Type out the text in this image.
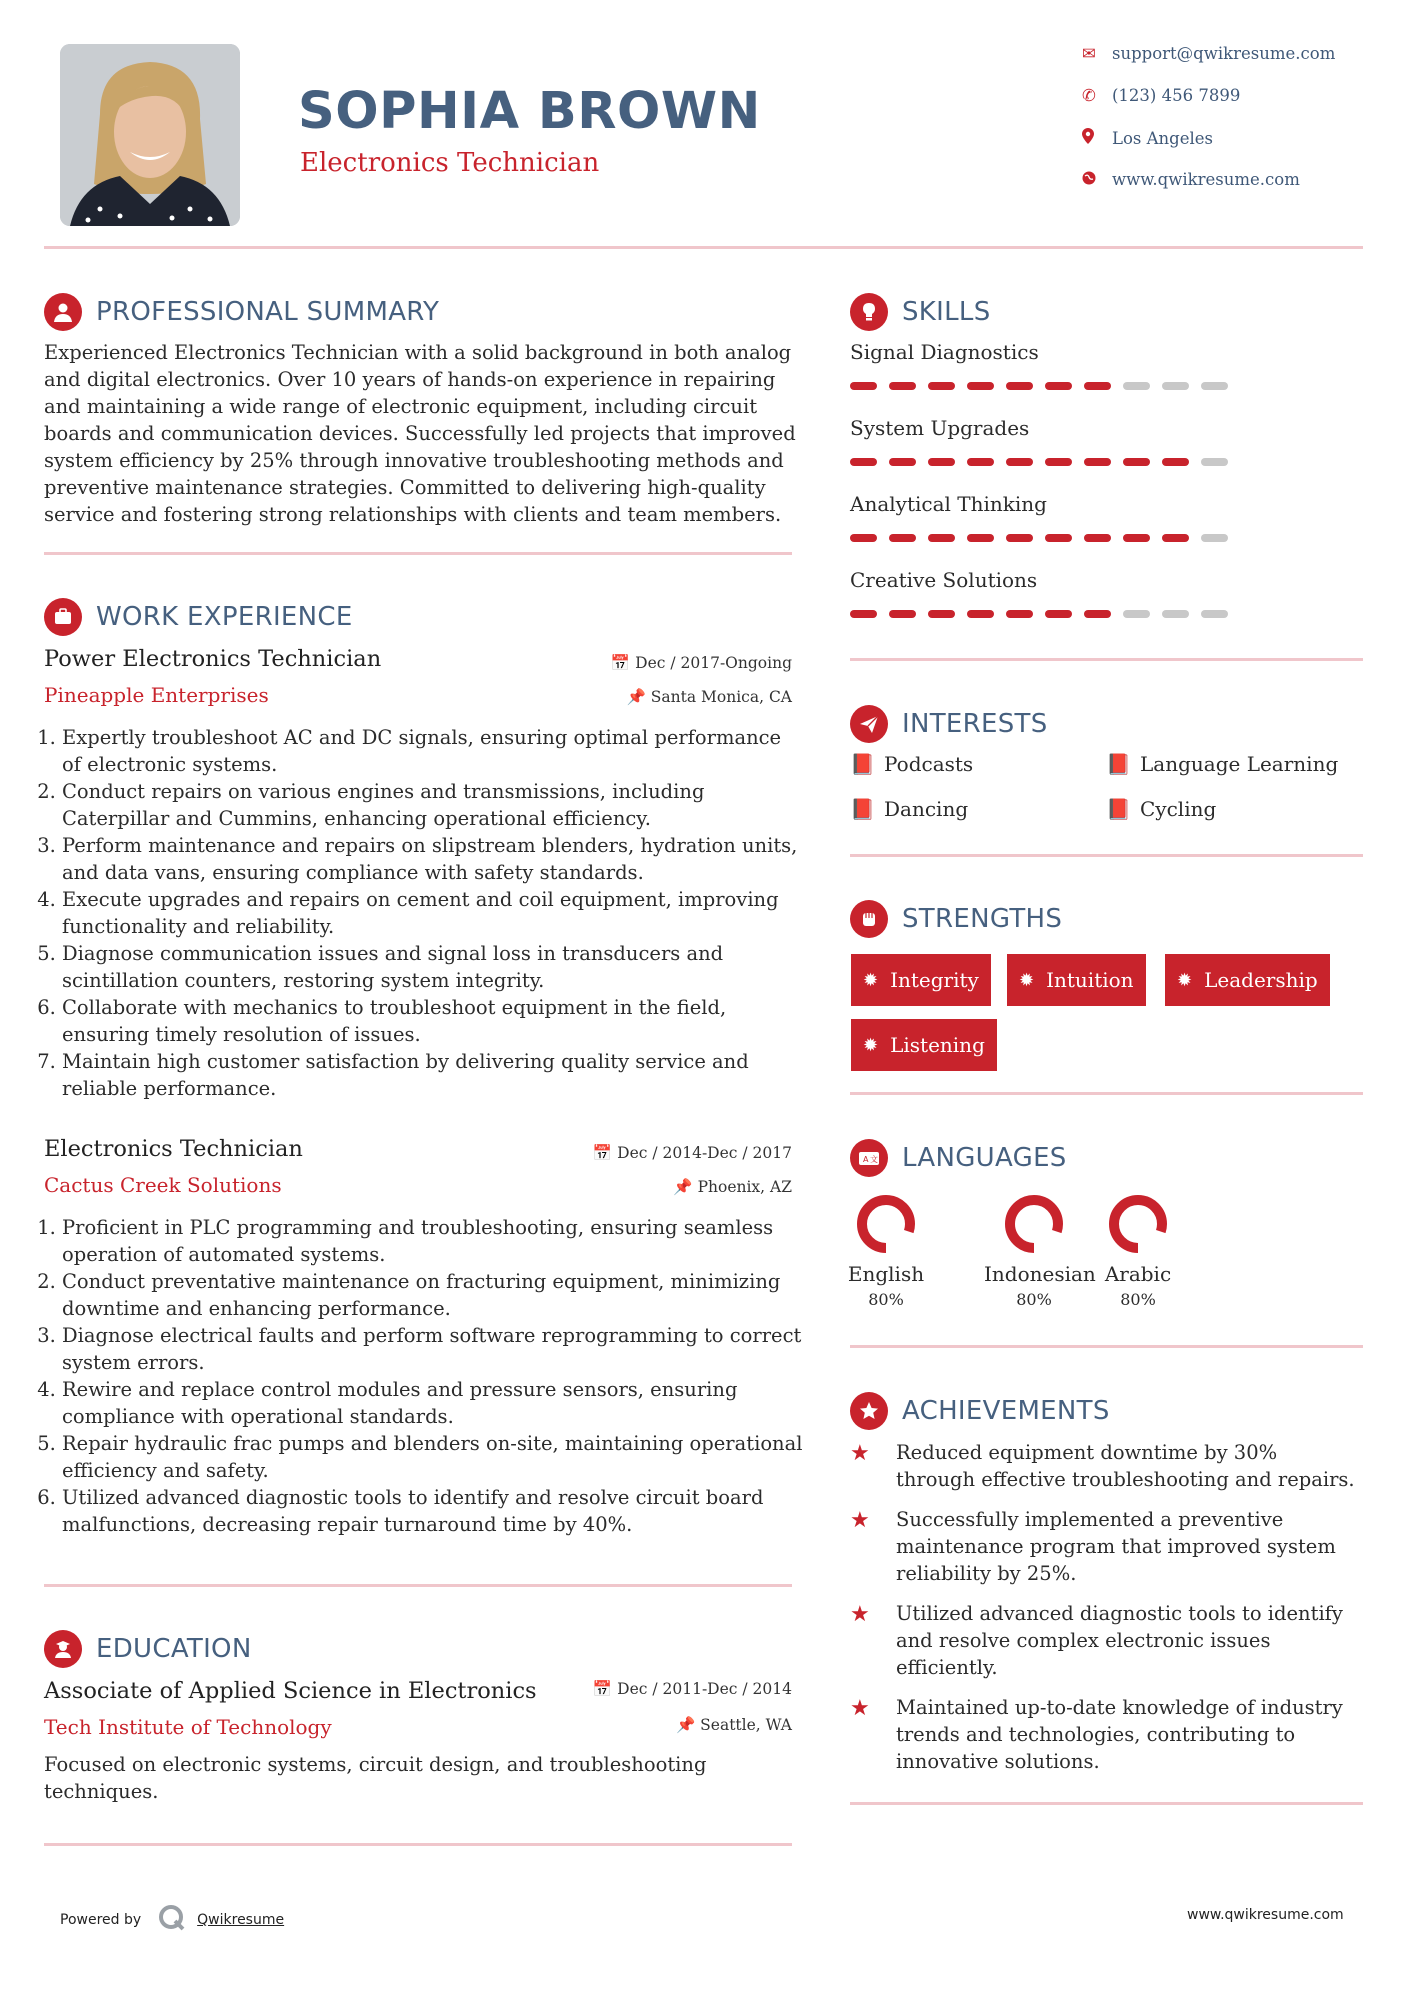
SOPHIA BROWN
Electronics Technician
✉ support@qwikresume.com
✆ (123) 456 7899
Los Angeles
www.qwikresume.com
PROFESSIONAL SUMMARY
Experienced Electronics Technician with a solid background in both analog and digital electronics. Over 10 years of hands-on experience in repairing and maintaining a wide range of electronic equipment, including circuit boards and communication devices. Successfully led projects that improved system efficiency by 25% through innovative troubleshooting methods and preventive maintenance strategies. Committed to delivering high-quality service and fostering strong relationships with clients and team members.
WORK EXPERIENCE
Power Electronics Technician	📅 Dec / 2017-Ongoing
Pineapple Enterprises	📌 Santa Monica, CA
1. Expertly troubleshoot AC and DC signals, ensuring optimal performance of electronic systems.
2. Conduct repairs on various engines and transmissions, including Caterpillar and Cummins, enhancing operational efficiency.
3. Perform maintenance and repairs on slipstream blenders, hydration units, and data vans, ensuring compliance with safety standards.
4. Execute upgrades and repairs on cement and coil equipment, improving functionality and reliability.
5. Diagnose communication issues and signal loss in transducers and scintillation counters, restoring system integrity.
6. Collaborate with mechanics to troubleshoot equipment in the field, ensuring timely resolution of issues.
7. Maintain high customer satisfaction by delivering quality service and reliable performance.
Electronics Technician	📅 Dec / 2014-Dec / 2017
Cactus Creek Solutions	📌 Phoenix, AZ
1. Proficient in PLC programming and troubleshooting, ensuring seamless operation of automated systems.
2. Conduct preventative maintenance on fracturing equipment, minimizing downtime and enhancing performance.
3. Diagnose electrical faults and perform software reprogramming to correct system errors.
4. Rewire and replace control modules and pressure sensors, ensuring compliance with operational standards.
5. Repair hydraulic frac pumps and blenders on-site, maintaining operational efficiency and safety.
6. Utilized advanced diagnostic tools to identify and resolve circuit board malfunctions, decreasing repair turnaround time by 40%.
EDUCATION
Associate of Applied Science in Electronics	📅 Dec / 2011-Dec / 2014
Tech Institute of Technology	📌 Seattle, WA
Focused on electronic systems, circuit design, and troubleshooting techniques.
SKILLS
Signal Diagnostics
System Upgrades
Analytical Thinking
Creative Solutions
INTERESTS
📕 Podcasts	📕 Language Learning
📕 Dancing	📕 Cycling
STRENGTHS
✹ Integrity ✹ Intuition ✹ Leadership
✹ Listening
A 文 LANGUAGES
English
80%
Indonesian
80%
Arabic
80%
ACHIEVEMENTS
★	Reduced equipment downtime by 30% through effective troubleshooting and repairs.
★	Successfully implemented a preventive maintenance program that improved system reliability by 25%.
★	Utilized advanced diagnostic tools to identify and resolve complex electronic issues efficiently.
★	Maintained up-to-date knowledge of industry trends and technologies, contributing to innovative solutions.
Powered by	Qwikresume	www.qwikresume.com
